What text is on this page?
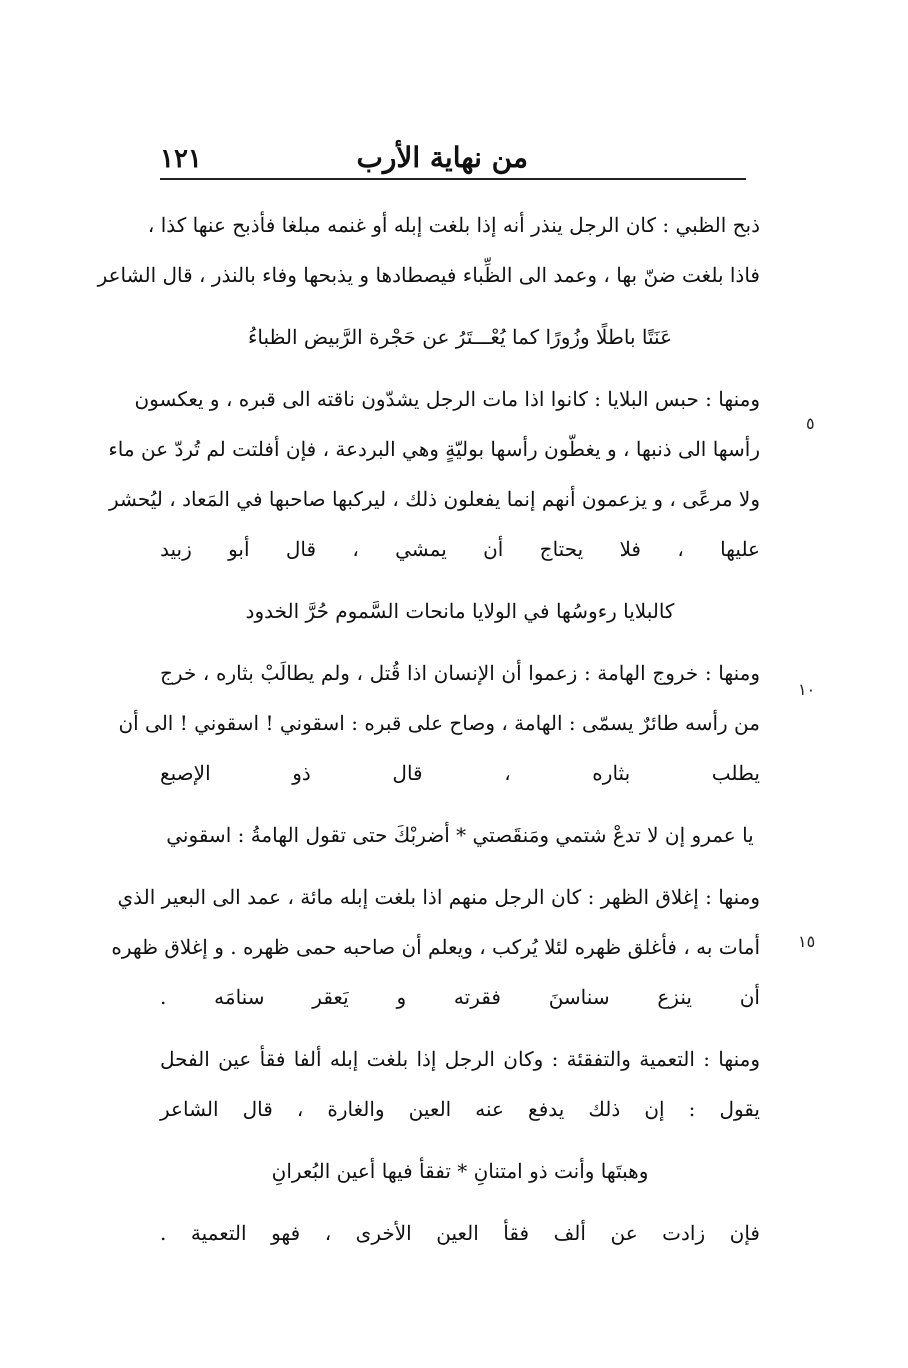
من نهاية الأرب
١٢١
٥
١٠
١٥
ذبح الظبي : كان الرجل ينذر أنه إذا بلغت إبله أو غنمه مبلغا فأذبح عنها كذا ،
فاذا بلغت ضنّ بها ، وعمد الى الظِّباء فيصطادها و يذبحها وفاء بالنذر ، قال الشاعر
عَنَتًا باطلًا وزُورًا كما يُعْـــتَرُ عن حَجْرة الرَّبيض الظباءُ
ومنها : حبس البلايا : كانوا اذا مات الرجل يشدّون ناقته الى قبره ، و يعكسون
رأسها الى ذنبها ، و يغطّون رأسها بوليّةٍ وهي البردعة ، فإن أفلتت لم تُردّ عن ماء
ولا مرعًى ، و يزعمون أنهم إنما يفعلون ذلك ، ليركبها صاحبها في المَعاد ، ليُحشر
عليها ، فلا يحتاج أن يمشي ، قال أبو زبيد
كالبلايا رءوسُها في الولايا مانحات السَّموم حُرَّ الخدود
ومنها : خروج الهامة : زعموا أن الإنسان اذا قُتل ، ولم يطالَبْ بثاره ، خرج
من رأسه طائرٌ يسمّى : الهامة ، وصاح على قبره : اسقوني ! اسقوني ! الى أن
يطلب بثاره ، قال ذو الإصبع
يا عمرو إن لا تدعْ شتمي ومَنقَصتي * أضربْكَ حتى تقول الهامةُ : اسقوني
ومنها : إغلاق الظهر : كان الرجل منهم اذا بلغت إبله مائة ، عمد الى البعير الذي
أمات به ، فأغلق ظهره لئلا يُركب ، ويعلم أن صاحبه حمى ظهره . و إغلاق ظهره
أن ينزع سناسنَ فقرته و يَعقر سنامَه .
ومنها : التعمية والتفقئة : وكان الرجل إذا بلغت إبله ألفا فقأ عين الفحل
يقول : إن ذلك يدفع عنه العين والغارة ، قال الشاعر
وهبتَها وأنت ذو امتنانِ * تفقأ فيها أعين البُعرانِ
فإن زادت عن ألف فقأ العين الأخرى ، فهو التعمية .
